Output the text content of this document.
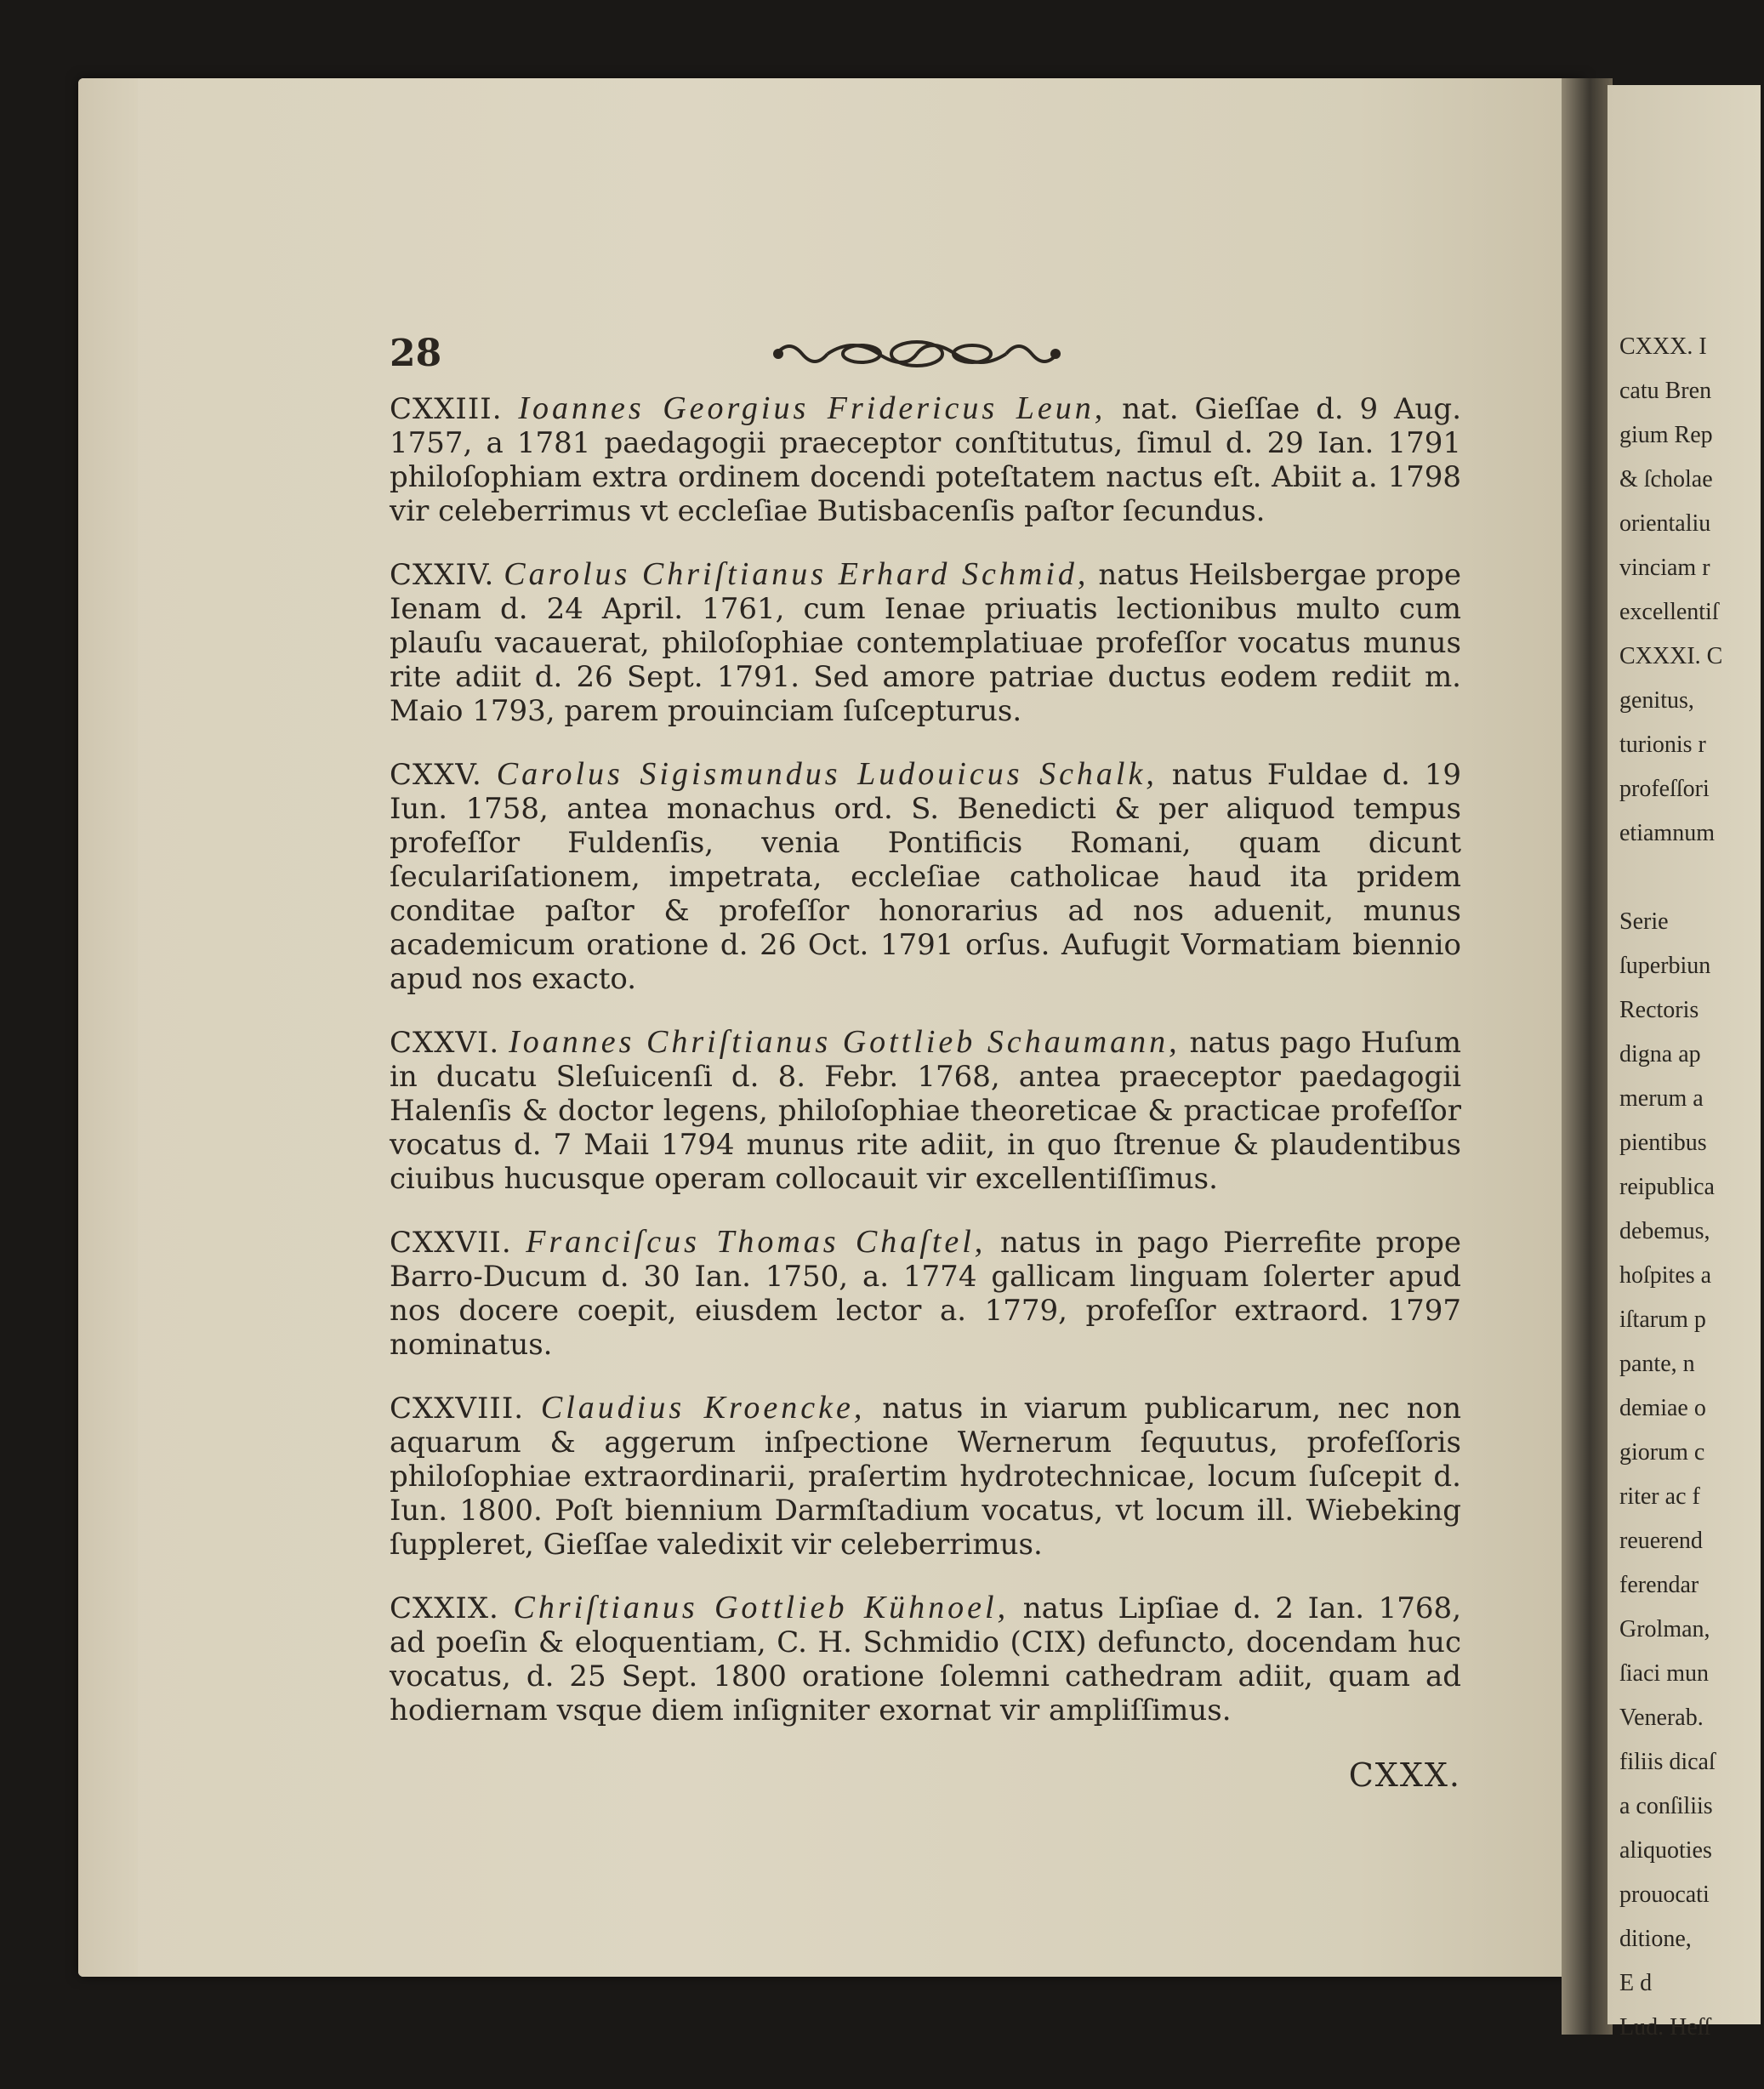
CXXX. I
catu Bren
gium Rep
& ſcholae
orientaliu
vinciam r
excellentiſ
CXXXI. C
genitus,
turionis r
profeſſori
etiamnum
Serie
ſuperbiun
Rectoris
digna ap
merum a
pientibus
reipublica
debemus,
hoſpites a
iſtarum p
pante, n
demiae o
giorum c
riter ac f
reuerend
ferendar
Grolman,
ſiaci mun
Venerab.
filiis dicaſ
a conſiliis
aliquoties
prouocati
ditione,
E d
Lud. Heſſ
28

CXXIII. Ioannes Georgius Fridericus Leun, nat. Gieſſae d. 9 Aug. 1757, a 1781 paedagogii praeceptor conſtitutus, ſimul d. 29 Ian. 1791 philoſophiam extra ordinem docendi poteſtatem nactus eſt. Abiit a. 1798 vir celeberrimus vt eccleſiae Butisbacenſis paſtor ſecundus.

CXXIV. Carolus Chriſtianus Erhard Schmid, natus Heilsbergae prope Ienam d. 24 April. 1761, cum Ienae priuatis lectionibus multo cum plauſu vacauerat, philoſophiae contemplatiuae profeſſor vocatus munus rite adiit d. 26 Sept. 1791. Sed amore patriae ductus eodem rediit m. Maio 1793, parem prouinciam ſuſcepturus.

CXXV. Carolus Sigismundus Ludouicus Schalk, natus Fuldae d. 19 Iun. 1758, antea monachus ord. S. Benedicti & per aliquod tempus profeſſor Fuldenſis, venia Pontificis Romani, quam dicunt ſeculariſationem, impetrata, eccleſiae catholicae haud ita pridem conditae paſtor & profeſſor honorarius ad nos aduenit, munus academicum oratione d. 26 Oct. 1791 orſus. Aufugit Vormatiam biennio apud nos exacto.

CXXVI. Ioannes Chriſtianus Gottlieb Schaumann, natus pago Huſum in ducatu Sleſuicenſi d. 8. Febr. 1768, antea praeceptor paedagogii Halenſis & doctor legens, philoſophiae theoreticae & practicae profeſſor vocatus d. 7 Maii 1794 munus rite adiit, in quo ſtrenue & plaudentibus ciuibus hucusque operam collocauit vir excellentiſſimus.

CXXVII. Franciſcus Thomas Chaſtel, natus in pago Pierrefite prope Barro-Ducum d. 30 Ian. 1750, a. 1774 gallicam linguam ſolerter apud nos docere coepit, eiusdem lector a. 1779, profeſſor extraord. 1797 nominatus.

CXXVIII. Claudius Kroencke, natus in viarum publicarum, nec non aquarum & aggerum inſpectione Wernerum ſequutus, profeſſoris philoſophiae extraordinarii, praſertim hydrotechnicae, locum ſuſcepit d. Iun. 1800. Poſt biennium Darmſtadium vocatus, vt locum ill. Wiebeking ſuppleret, Gieſſae valedixit vir celeberrimus.

CXXIX. Chriſtianus Gottlieb Kühnoel, natus Lipſiae d. 2 Ian. 1768, ad poeſin & eloquentiam, C. H. Schmidio (CIX) defuncto, docendam huc vocatus, d. 25 Sept. 1800 oratione ſolemni cathedram adiit, quam ad hodiernam vsque diem inſigniter exornat vir ampliſſimus.

CXXX.
